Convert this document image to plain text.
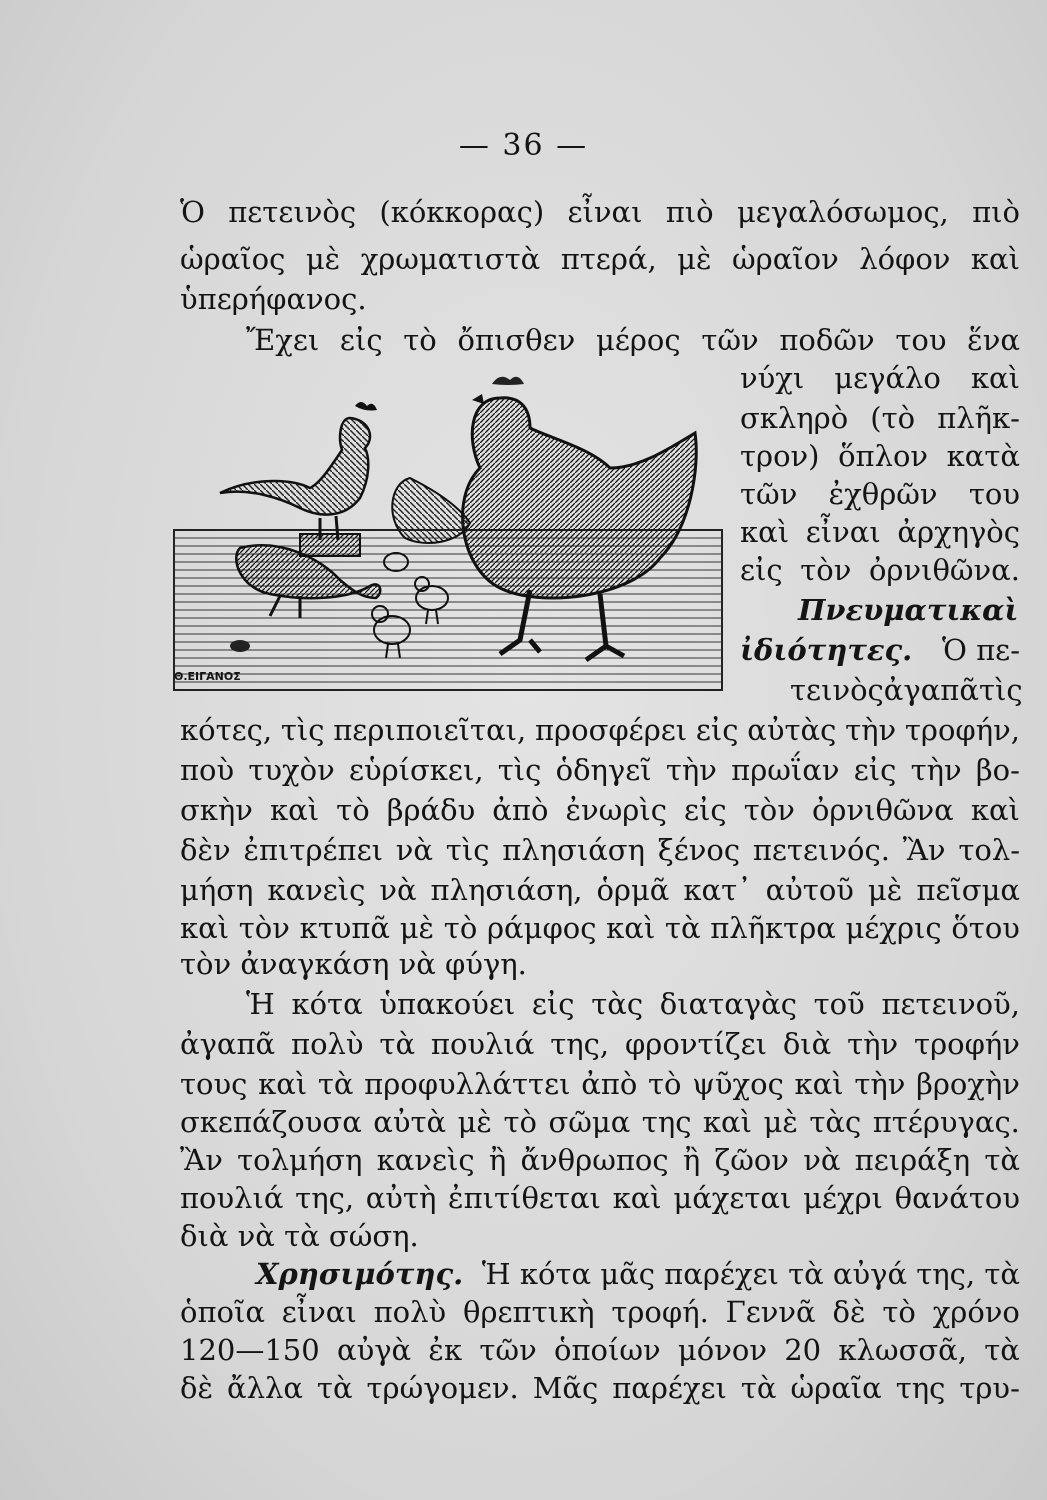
— 36 —
Ὁ πετεινὸς (κόκκορας) εἶναι πιὸ μεγαλόσωμος, πιὸ
ὡραῖος μὲ χρωματιστὰ πτερά, μὲ ὡραῖον λόφον καὶ
ὑπερήφανος.
Ἔχει εἰς τὸ ὄπισθεν μέρος τῶν ποδῶν του ἕνα
νύχι μεγάλο καὶ
σκληρὸ (τὸ πλῆκ-
τρον) ὅπλον κατὰ
τῶν ἐχθρῶν του
καὶ εἶναι ἀρχηγὸς
εἰς τὸν ὀρνιθῶνα.
Πνευματικαὶ
ἰδιότητες. Ὁ πε-
τεινὸς ἀγαπᾶ τὶς
Θ.ΕΙΓΑΝΟΣ
κότες, τὶς περιποιεῖται, προσφέρει εἰς αὐτὰς τὴν τροφήν,
ποὺ τυχὸν εὑρίσκει, τὶς ὁδηγεῖ τὴν πρωΐαν εἰς τὴν βο-
σκὴν καὶ τὸ βράδυ ἀπὸ ἐνωρὶς εἰς τὸν ὀρνιθῶνα καὶ
δὲν ἐπιτρέπει νὰ τὶς πλησιάση ξένος πετεινός. Ἂν τολ-
μήση κανεὶς νὰ πλησιάση, ὁρμᾶ κατ᾽ αὐτοῦ μὲ πεῖσμα
καὶ τὸν κτυπᾶ μὲ τὸ ράμφος καὶ τὰ πλῆκτρα μέχρις ὅτου
τὸν ἀναγκάση νὰ φύγη.
Ἡ κότα ὑπακούει εἰς τὰς διαταγὰς τοῦ πετεινοῦ,
ἀγαπᾶ πολὺ τὰ πουλιά της, φροντίζει διὰ τὴν τροφήν
τους καὶ τὰ προφυλλάττει ἀπὸ τὸ ψῦχος καὶ τὴν βροχὴν
σκεπάζουσα αὐτὰ μὲ τὸ σῶμα της καὶ μὲ τὰς πτέρυγας.
Ἂν τολμήση κανεὶς ἢ ἄνθρωπος ἢ ζῶον νὰ πειράξη τὰ
πουλιά της, αὐτὴ ἐπιτίθεται καὶ μάχεται μέχρι θανάτου
διὰ νὰ τὰ σώση.
Χρησιμότης. Ἡ κότα μᾶς παρέχει τὰ αὐγά της, τὰ
ὁποῖα εἶναι πολὺ θρεπτικὴ τροφή. Γεννᾶ δὲ τὸ χρόνο
120—150 αὐγὰ ἐκ τῶν ὁποίων μόνον 20 κλωσσᾶ, τὰ
δὲ ἄλλα τὰ τρώγομεν. Μᾶς παρέχει τὰ ὡραῖα της τρυ-
